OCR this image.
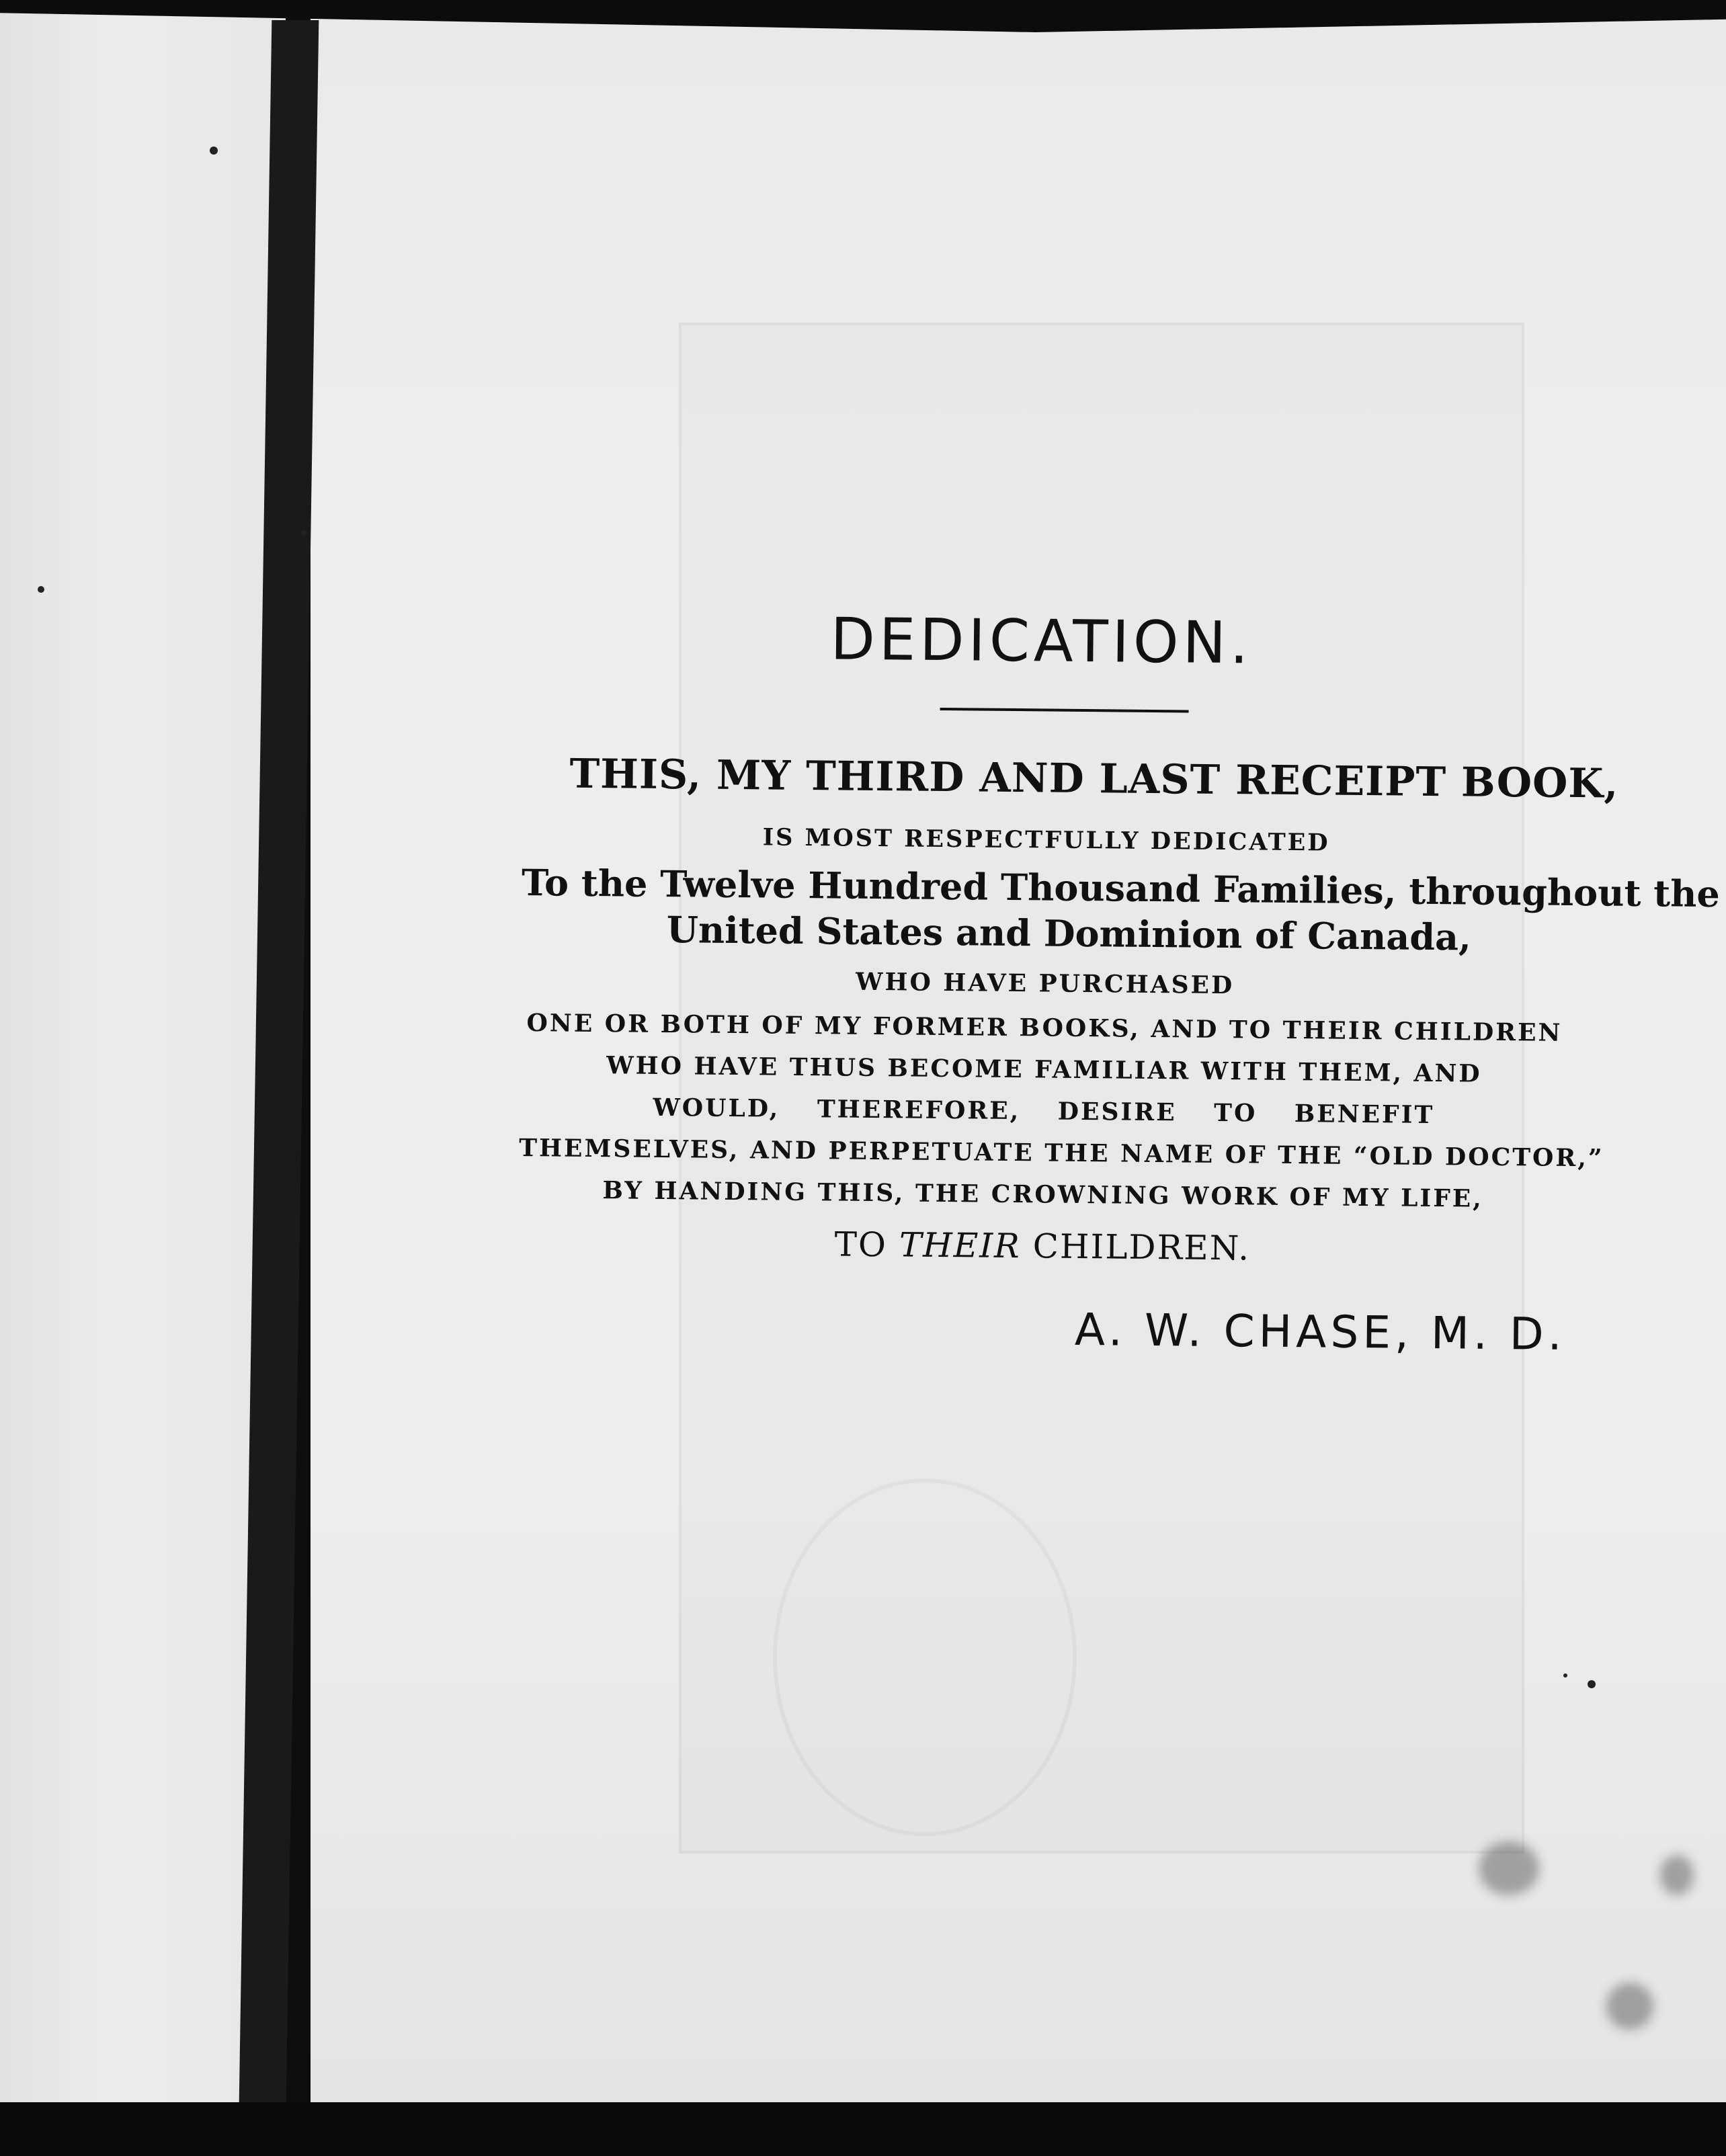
DEDICATION.
THIS, MY THIRD AND LAST RECEIPT BOOK,
IS MOST RESPECTFULLY DEDICATED
To the Twelve Hundred Thousand Families, throughout the
United States and Dominion of Canada,
WHO HAVE PURCHASED
ONE OR BOTH OF MY FORMER BOOKS, AND TO THEIR CHILDREN
WHO HAVE THUS BECOME FAMILIAR WITH THEM, AND
WOULD, THEREFORE, DESIRE TO BENEFIT
THEMSELVES, AND PERPETUATE THE NAME OF THE “OLD DOCTOR,”
BY HANDING THIS, THE CROWNING WORK OF MY LIFE,
TO THEIR CHILDREN.
A. W. CHASE, M. D.
